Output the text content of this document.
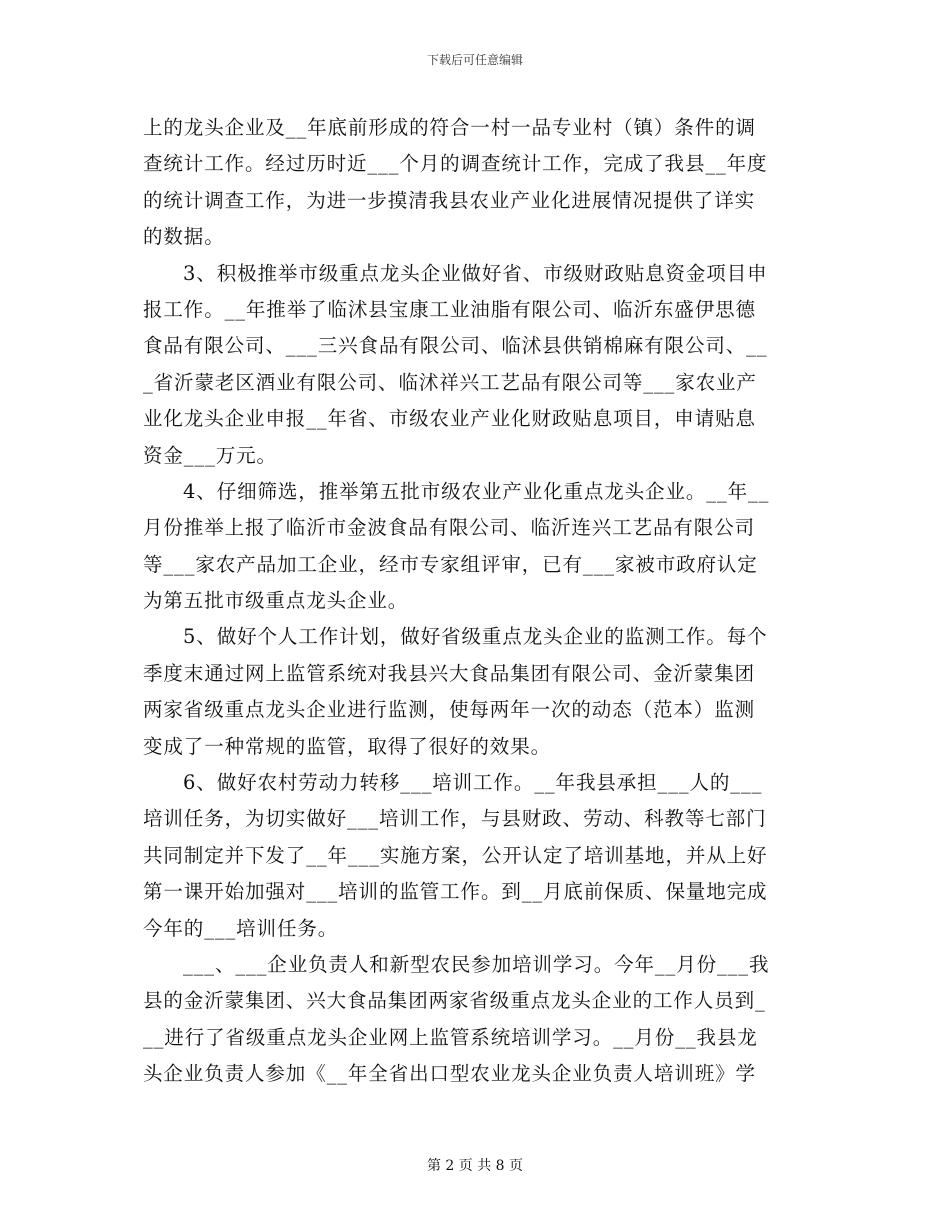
下载后可任意编辑
上的龙头企业及__年底前形成的符合一村一品专业村（镇）条件的调
查统计工作。经过历时近___个月的调查统计工作，完成了我县__年度
的统计调查工作，为进一步摸清我县农业产业化进展情况提供了详实
的数据。
3、积极推举市级重点龙头企业做好省、市级财政贴息资金项目申
报工作。__年推举了临沭县宝康工业油脂有限公司、临沂东盛伊思德
食品有限公司、___三兴食品有限公司、临沭县供销棉麻有限公司、__
_省沂蒙老区酒业有限公司、临沭祥兴工艺品有限公司等___家农业产
业化龙头企业申报__年省、市级农业产业化财政贴息项目，申请贴息
资金___万元。
4、仔细筛选，推举第五批市级农业产业化重点龙头企业。__年__
月份推举上报了临沂市金波食品有限公司、临沂连兴工艺品有限公司
等___家农产品加工企业，经市专家组评审，已有___家被市政府认定
为第五批市级重点龙头企业。
5、做好个人工作计划，做好省级重点龙头企业的监测工作。每个
季度末通过网上监管系统对我县兴大食品集团有限公司、金沂蒙集团
两家省级重点龙头企业进行监测，使每两年一次的动态（范本）监测
变成了一种常规的监管，取得了很好的效果。
6、做好农村劳动力转移___培训工作。__年我县承担___人的___
培训任务，为切实做好___培训工作，与县财政、劳动、科教等七部门
共同制定并下发了__年___实施方案，公开认定了培训基地，并从上好
第一课开始加强对___培训的监管工作。到__月底前保质、保量地完成
今年的___培训任务。
___、___企业负责人和新型农民参加培训学习。今年__月份___我
县的金沂蒙集团、兴大食品集团两家省级重点龙头企业的工作人员到_
__进行了省级重点龙头企业网上监管系统培训学习。__月份__我县龙
头企业负责人参加《__年全省出口型农业龙头企业负责人培训班》学
第 2 页 共 8 页
